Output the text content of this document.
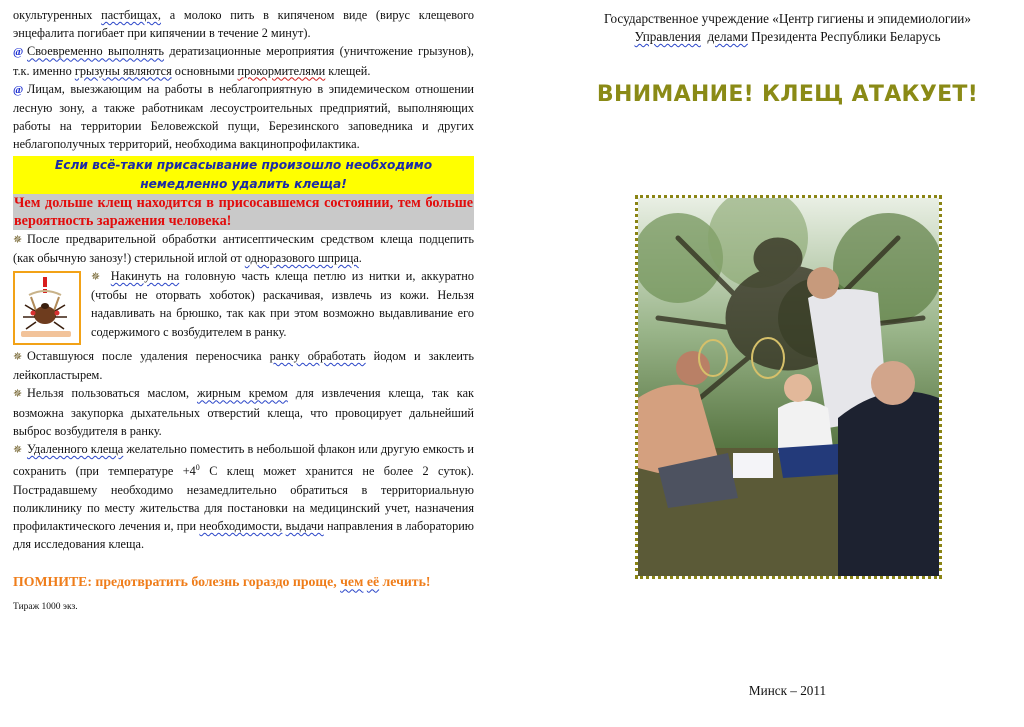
окультуренных пастбищах, а молоко пить в кипяченом виде (вирус клещевого энцефалита погибает при кипячении в течение 2 минут).

@ Своевременно выполнять дератизационные мероприятия (уничтожение грызунов), т.к. именно грызуны являются основными прокормителями клещей.

@ Лицам, выезжающим на работы в неблагоприятную в эпидемическом отношении лесную зону, а также работникам лесоустроительных предприятий, выполняющих работы на территории Беловежской пущи, Березинского заповедника и других неблагополучных территорий, необходима вакцинопрофилактика.

Если всё-таки присасывание произошло необходимо немедленно удалить клеща!

Чем дольше клещ находится в присосавшемся состоянии, тем больше вероятность заражения человека!

✵ После предварительной обработки антисептическим средством клеща подцепить (как обычную занозу!) стерильной иглой от одноразового шприца.

✵ Накинуть на головную часть клеща петлю из нитки и, аккуратно (чтобы не оторвать хоботок) раскачивая, извлечь из кожи. Нельзя надавливать на брюшко, так как при этом возможно выдавливание его содержимого с возбудителем в ранку.

✵ Оставшуюся после удаления переносчика ранку обработать йодом и заклеить лейкопластырем.

✵ Нельзя пользоваться маслом, жирным кремом для извлечения клеща, так как возможна закупорка дыхательных отверстий клеща, что провоцирует дальнейший выброс возбудителя в ранку.

✵ Удаленного клеща желательно поместить в небольшой флакон или другую емкость и сохранить (при температуре $+4^0$ С клещ может хранится не более 2 суток). Пострадавшему необходимо незамедлительно обратиться в территориальную поликлинику по месту жительства для постановки на медицинский учет, назначения профилактического лечения и, при необходимости, выдачи направления в лабораторию для исследования клеща.

ПОМНИТЕ: предотвратить болезнь гораздо проще, чем её лечить!

Тираж 1000 экз.

Государственное учреждение «Центр гигиены и эпидемиологии»
Управления делами Президента Республики Беларусь
ВНИМАНИЕ! КЛЕЩ АТАКУЕТ!
Минск – 2011
